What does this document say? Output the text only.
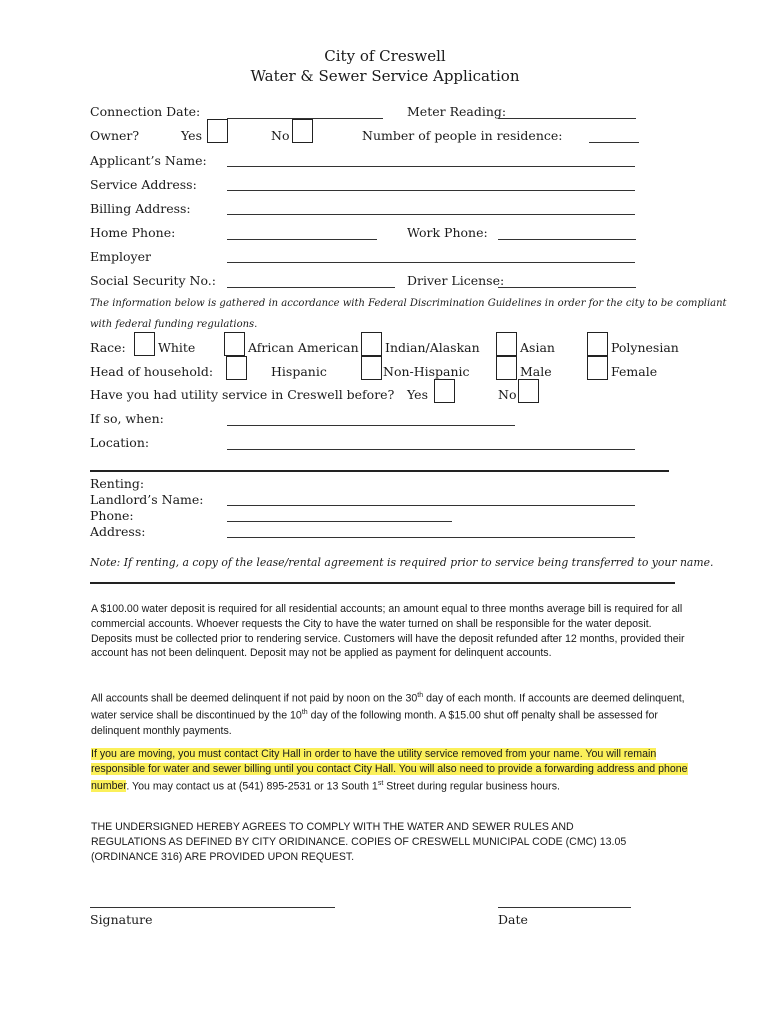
City of Creswell
Water & Sewer Service Application
Connection Date:	Meter Reading:
Owner?	Yes	No	Number of people in residence:
Applicant’s Name:
Service Address:
Billing Address:
Home Phone:	Work Phone:
Employer
Social Security No.:	Driver License:
The information below is gathered in accordance with Federal Discrimination Guidelines in order for the city to be compliant
with federal funding regulations.
Race:	White	African American Indian/Alaskan	Asian	Polynesian
Head of household:	Hispanic	Non-Hispanic	Male	Female
Have you had utility service in Creswell before? Yes	No
If so, when:
Location:
Renting:
Landlord’s Name:
Phone:
Address:
Note: If renting, a copy of the lease/rental agreement is required prior to service being transferred to your name.
A $100.00 water deposit is required for all residential accounts; an amount equal to three months average bill is required for all commercial accounts. Whoever requests the City to have the water turned on shall be responsible for the water deposit. Deposits must be collected prior to rendering service. Customers will have the deposit refunded after 12 months, provided their account has not been delinquent. Deposit may not be applied as payment for delinquent accounts.
All accounts shall be deemed delinquent if not paid by noon on the 30th day of each month. If accounts are deemed delinquent, water service shall be discontinued by the 10th day of the following month. A $15.00 shut off penalty shall be assessed for delinquent monthly payments.
If you are moving, you must contact City Hall in order to have the utility service removed from your name. You will remain responsible for water and sewer billing until you contact City Hall. You will also need to provide a forwarding address and phone number. You may contact us at (541) 895-2531 or 13 South 1st Street during regular business hours.
THE UNDERSIGNED HEREBY AGREES TO COMPLY WITH THE WATER AND SEWER RULES AND
REGULATIONS AS DEFINED BY CITY ORIDINANCE. COPIES OF CRESWELL MUNICIPAL CODE (CMC) 13.05
(ORDINANCE 316) ARE PROVIDED UPON REQUEST.
Signature	Date
